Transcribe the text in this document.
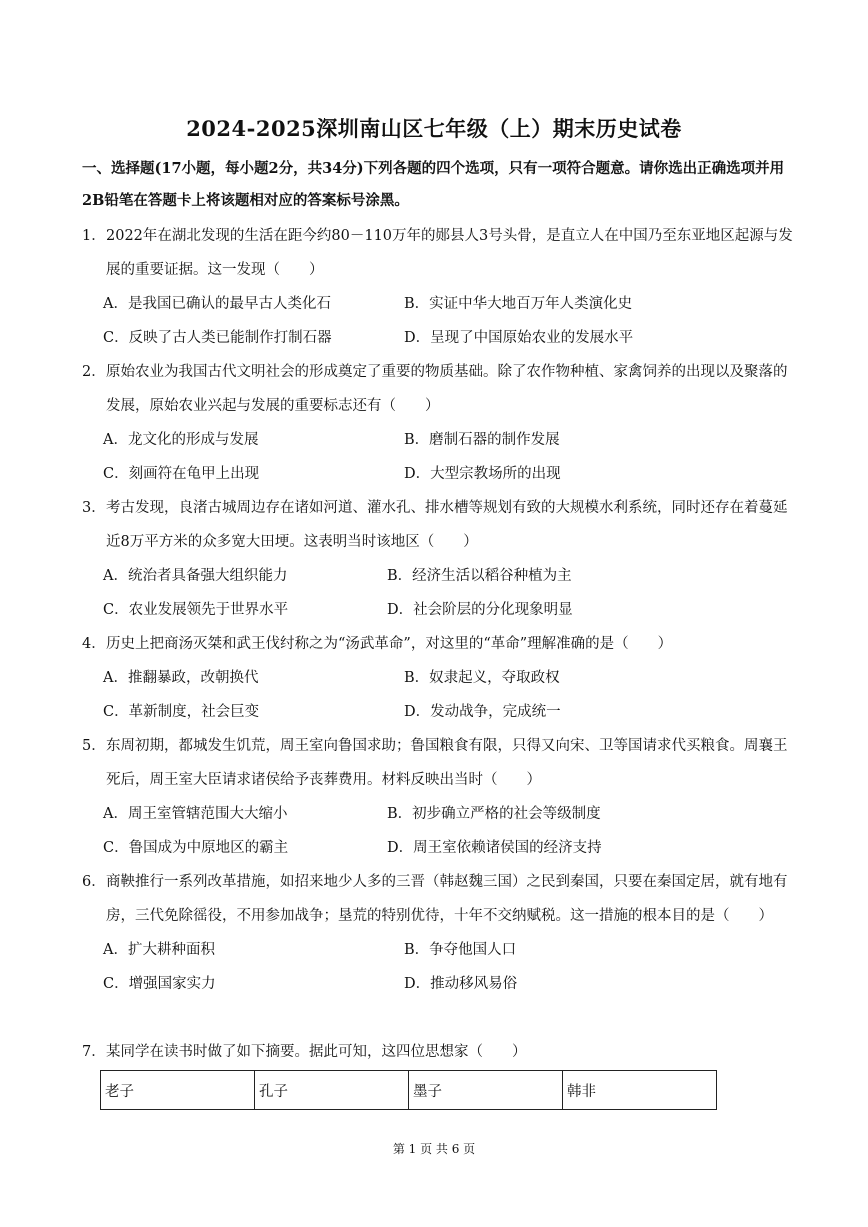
2024-2025深圳南山区七年级（上）期末历史试卷
一、选择题(17小题，每小题2分，共34分)下列各题的四个选项，只有一项符合题意。请你选出正确选项并用2B铅笔在答题卡上将该题相对应的答案标号涂黑。
1．2022年在湖北发现的生活在距今约80－110万年的郧县人3号头骨，是直立人在中国乃至东亚地区起源与发展的重要证据。这一发现（　　）
A．是我国已确认的最早古人类化石	B．实证中华大地百万年人类演化史
C．反映了古人类已能制作打制石器	D．呈现了中国原始农业的发展水平
2．原始农业为我国古代文明社会的形成奠定了重要的物质基础。除了农作物种植、家禽饲养的出现以及聚落的发展，原始农业兴起与发展的重要标志还有（　　）
A．龙文化的形成与发展	B．磨制石器的制作发展
C．刻画符在龟甲上出现	D．大型宗教场所的出现
3．考古发现，良渚古城周边存在诸如河道、灌水孔、排水槽等规划有致的大规模水利系统，同时还存在着蔓延近8万平方米的众多宽大田埂。这表明当时该地区（　　）
A．统治者具备强大组织能力	B．经济生活以稻谷种植为主
C．农业发展领先于世界水平	D．社会阶层的分化现象明显
4．历史上把商汤灭桀和武王伐纣称之为“汤武革命”，对这里的“革命”理解准确的是（　　）
A．推翻暴政，改朝换代	B．奴隶起义，夺取政权
C．革新制度，社会巨变	D．发动战争，完成统一
5．东周初期，都城发生饥荒，周王室向鲁国求助；鲁国粮食有限，只得又向宋、卫等国请求代买粮食。周襄王死后，周王室大臣请求诸侯给予丧葬费用。材料反映出当时（　　）
A．周王室管辖范围大大缩小	B．初步确立严格的社会等级制度
C．鲁国成为中原地区的霸主	D．周王室依赖诸侯国的经济支持
6．商鞅推行一系列改革措施，如招来地少人多的三晋（韩赵魏三国）之民到秦国，只要在秦国定居，就有地有房，三代免除徭役，不用参加战争；垦荒的特别优待，十年不交纳赋税。这一措施的根本目的是（　　）
A．扩大耕种面积	B．争夺他国人口
C．增强国家实力	D．推动移风易俗
7．某同学在读书时做了如下摘要。据此可知，这四位思想家（　　）
老子	孔子	墨子	韩非
第 1 页 共 6 页
